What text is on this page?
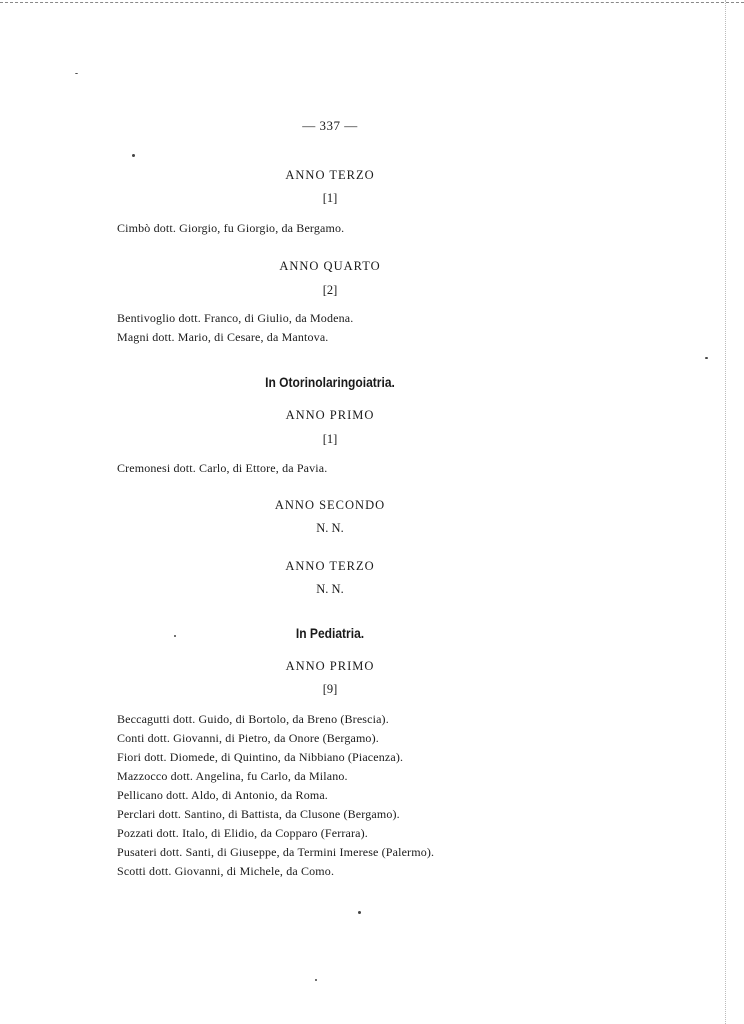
— 337 —
ANNO TERZO
[1]
Cimbò dott. Giorgio, fu Giorgio, da Bergamo.
ANNO QUARTO
[2]
Bentivoglio dott. Franco, di Giulio, da Modena.
Magni dott. Mario, di Cesare, da Mantova.
In Otorinolaringoiatria.
ANNO PRIMO
[1]
Cremonesi dott. Carlo, di Ettore, da Pavia.
ANNO SECONDO
N. N.
ANNO TERZO
N. N.
In Pediatria.
ANNO PRIMO
[9]
Beccagutti dott. Guido, di Bortolo, da Breno (Brescia).
Conti dott. Giovanni, di Pietro, da Onore (Bergamo).
Fiori dott. Diomede, di Quintino, da Nibbiano (Piacenza).
Mazzocco dott. Angelina, fu Carlo, da Milano.
Pellicano dott. Aldo, di Antonio, da Roma.
Perclari dott. Santino, di Battista, da Clusone (Bergamo).
Pozzati dott. Italo, di Elidio, da Copparo (Ferrara).
Pusateri dott. Santi, di Giuseppe, da Termini Imerese (Palermo).
Scotti dott. Giovanni, di Michele, da Como.
